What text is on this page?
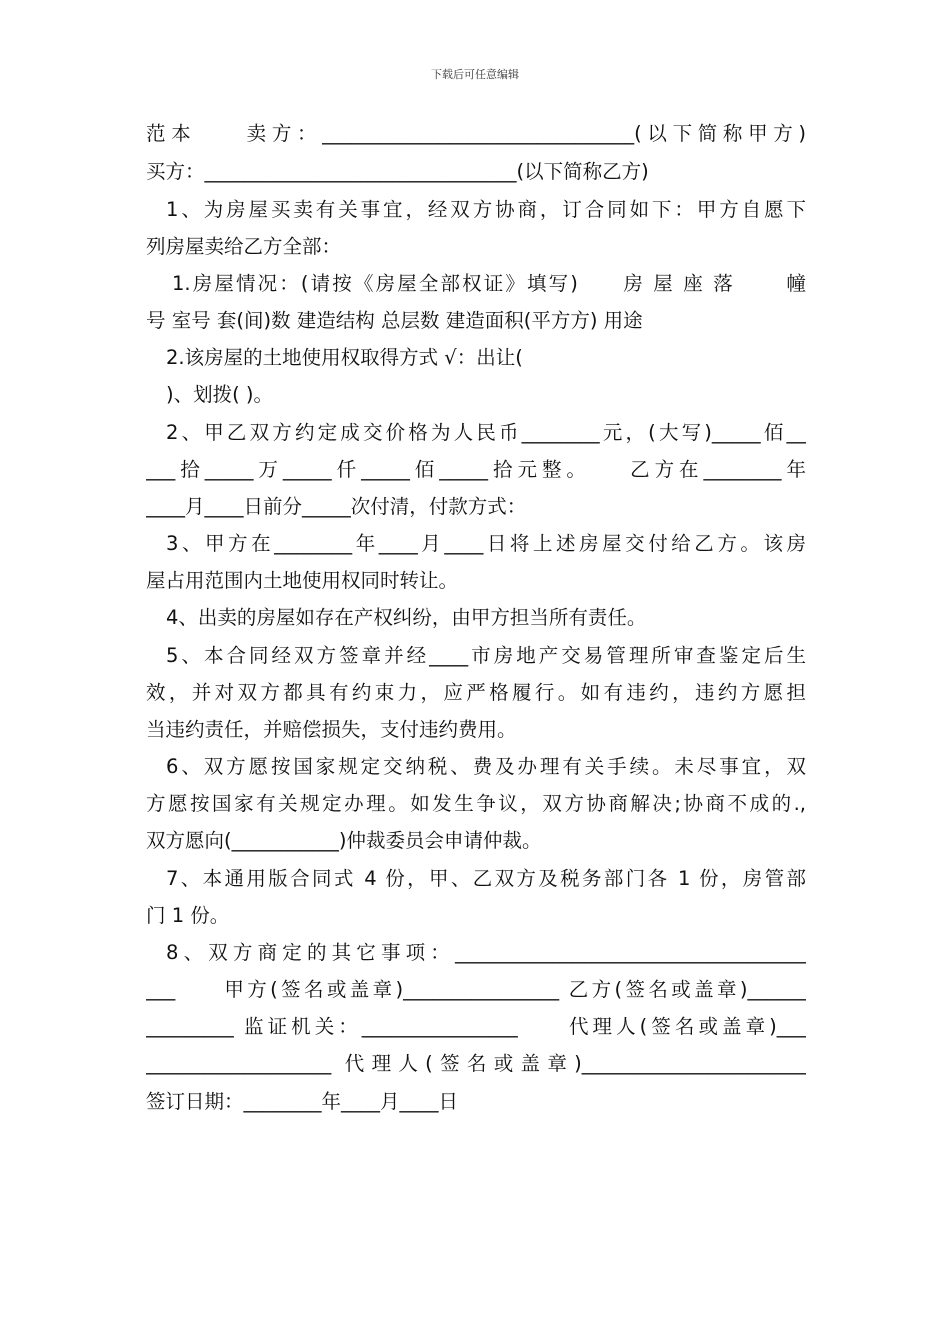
下载后可任意编辑
范本　　卖方：________________________________(以下简称甲方)
买方：________________________________(以下简称乙方)
1、为房屋买卖有关事宜，经双方协商，订合同如下：甲方自愿下
列房屋卖给乙方全部：
1.房屋情况：(请按《房屋全部权证》填写)　　房 屋 座 落　　 幢
号 室号 套(间)数 建造结构 总层数 建造面积(平方方) 用途
2.该房屋的土地使用权取得方式 √：出让(
)、划拨( )。
2、甲乙双方约定成交价格为人民币________元，(大写)_____佰__
___拾_____万_____仟_____佰_____拾元整。　　乙方在________年
____月____日前分_____次付清，付款方式：
3、甲方在________年____月____日将上述房屋交付给乙方。该房
屋占用范围内土地使用权同时转让。
4、出卖的房屋如存在产权纠纷，由甲方担当所有责任。
5、本合同经双方签章并经____市房地产交易管理所审查鉴定后生
效，并对双方都具有约束力，应严格履行。如有违约，违约方愿担
当违约责任，并赔偿损失，支付违约费用。
6、双方愿按国家规定交纳税、费及办理有关手续。未尽事宜，双
方愿按国家有关规定办理。如发生争议，双方协商解决;协商不成的.,
双方愿向(___________)仲裁委员会申请仲裁。
7、本通用版合同式 4 份，甲、乙双方及税务部门各 1 份，房管部
门 1 份。
8、双方商定的其它事项：____________________________________
___　　甲方(签名或盖章)________________ 乙方(签名或盖章)______
_________ 监证机关：________________　　代理人(签名或盖章)___
___________________ 代理人(签名或盖章)_______________________
签订日期：________年____月____日
